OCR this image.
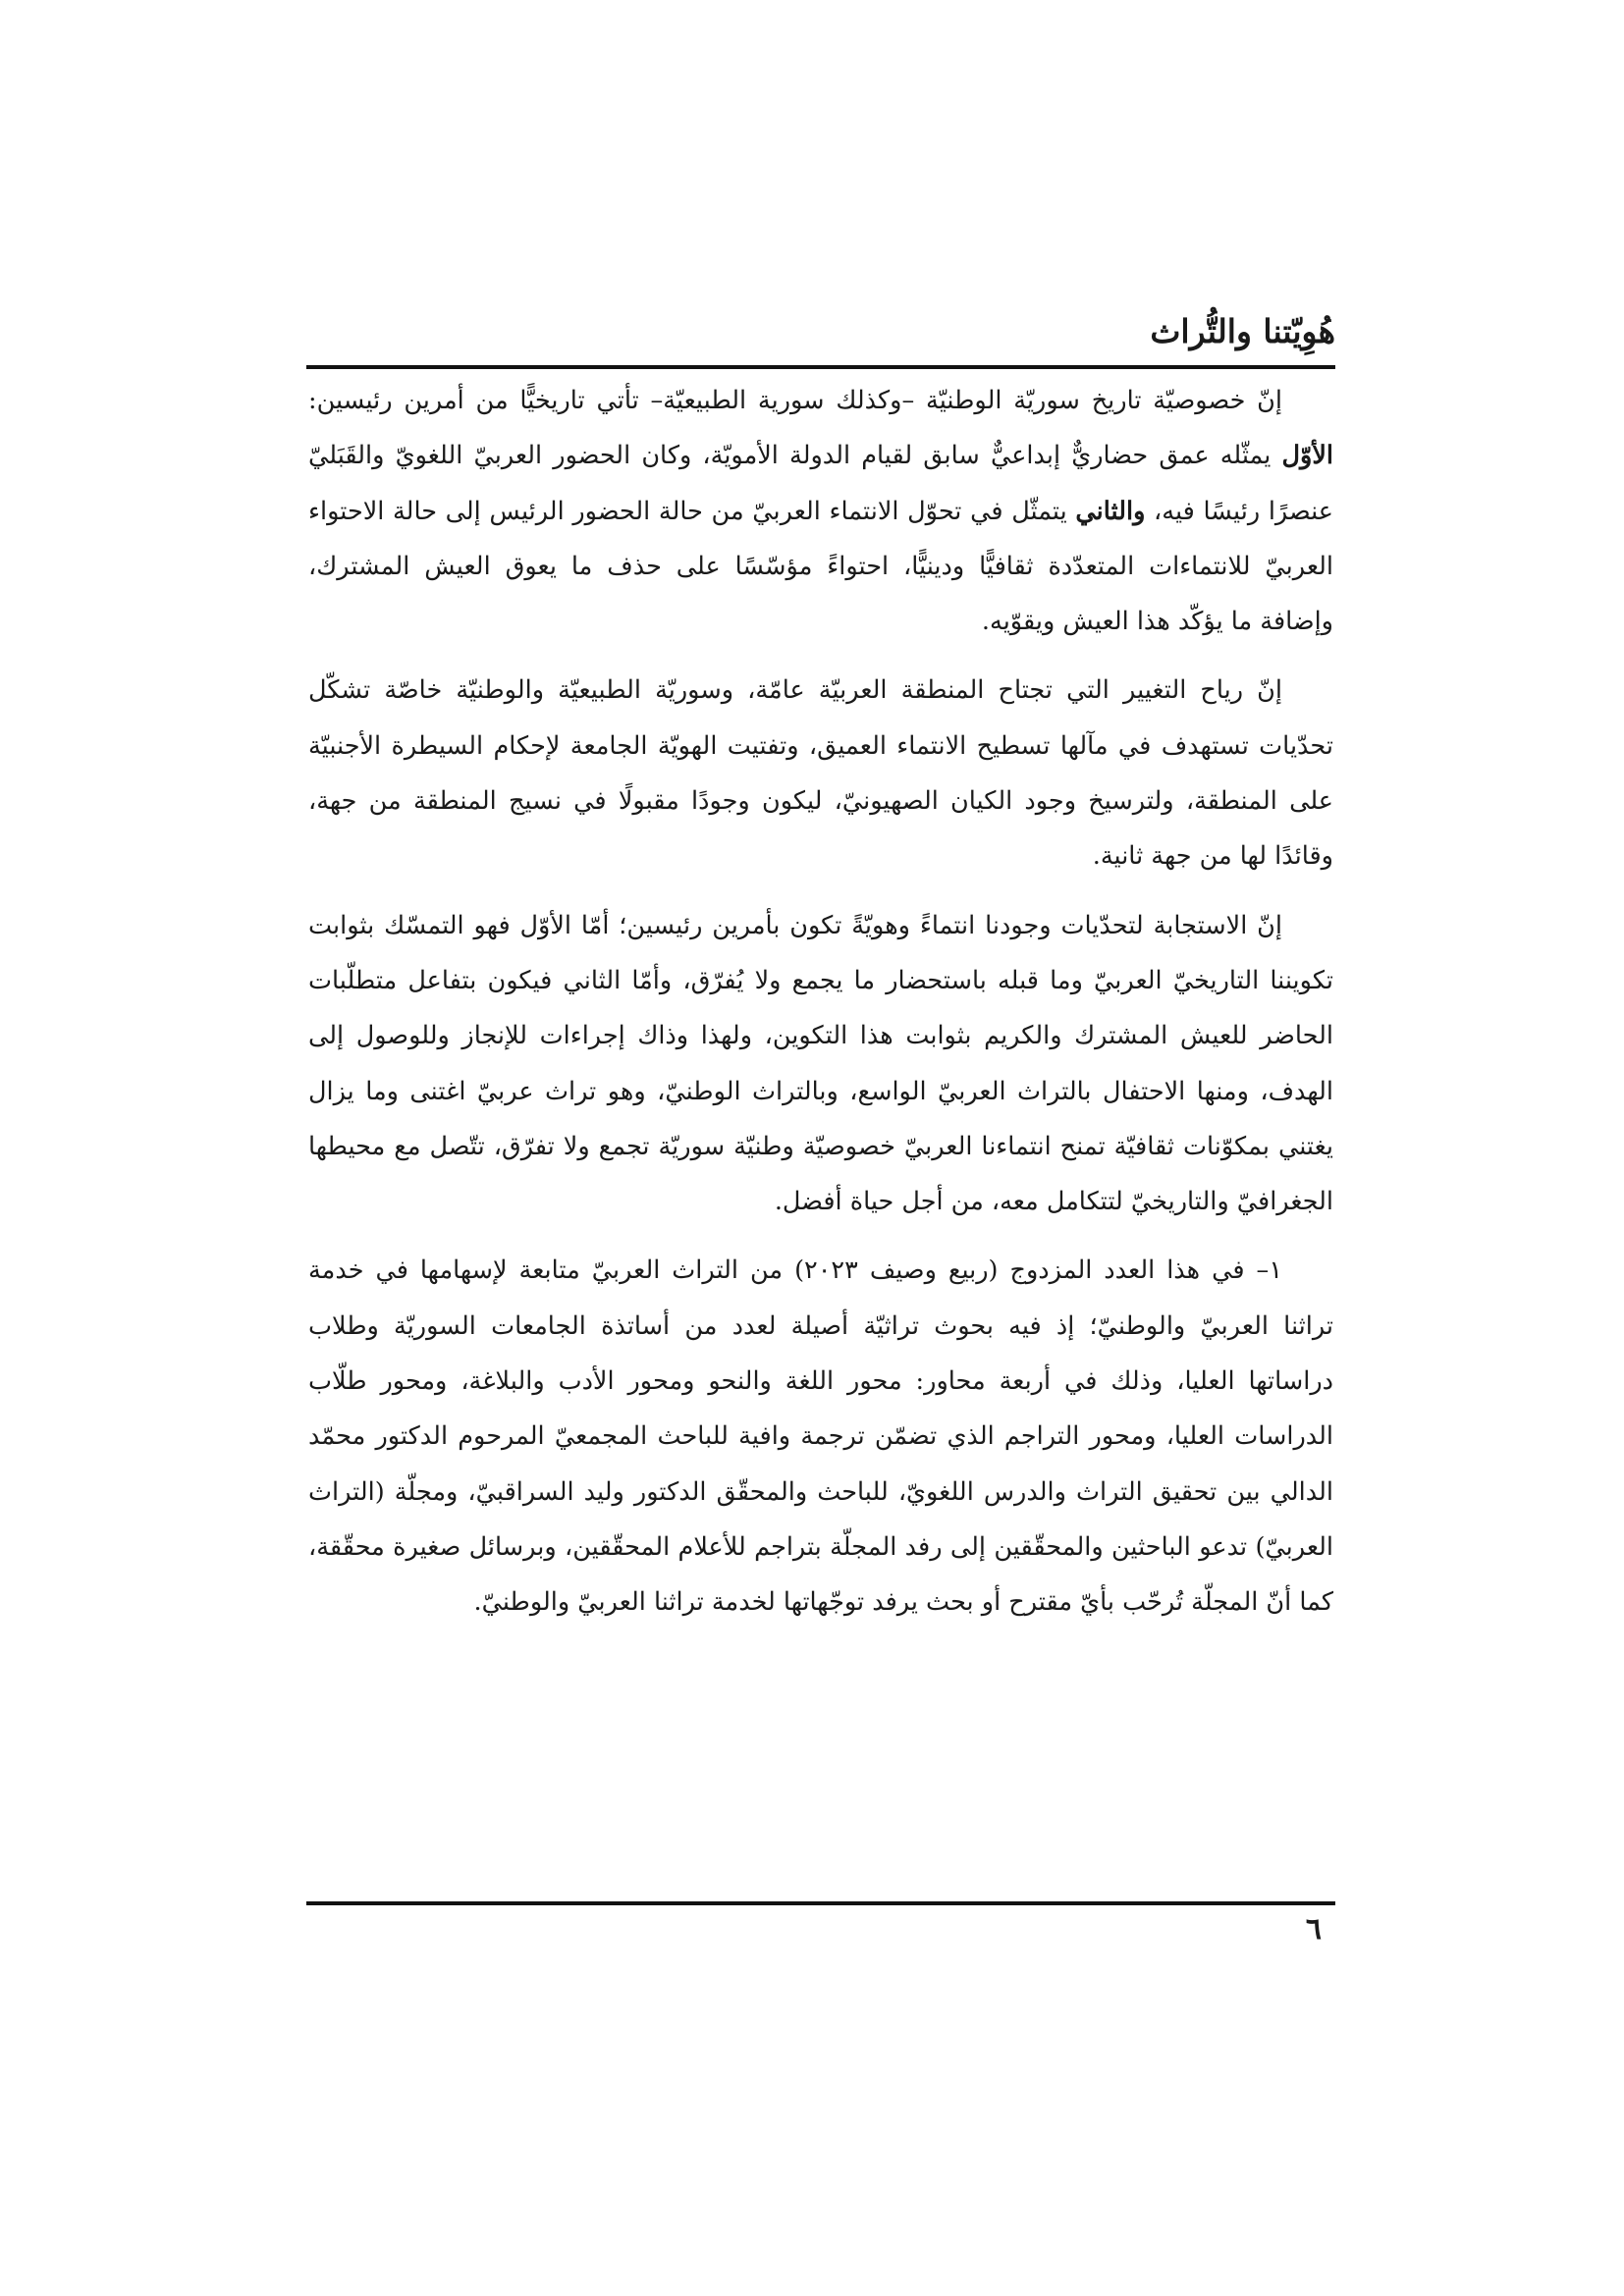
هُوِيّتنا والتُّراث

إنّ خصوصيّة تاريخ سوريّة الوطنيّة –وكذلك سورية الطبيعيّة– تأتي تاريخيًّا من أمرين رئيسين: الأوّل يمثّله عمق حضاريٌّ إبداعيٌّ سابق لقيام الدولة الأمويّة، وكان الحضور العربيّ اللغويّ والقَبَليّ عنصرًا رئيسًا فيه، والثاني يتمثّل في تحوّل الانتماء العربيّ من حالة الحضور الرئيس إلى حالة الاحتواء العربيّ للانتماءات المتعدّدة ثقافيًّا ودينيًّا، احتواءً مؤسّسًا على حذف ما يعوق العيش المشترك، وإضافة ما يؤكّد هذا العيش ويقوّيه.

إنّ رياح التغيير التي تجتاح المنطقة العربيّة عامّة، وسوريّة الطبيعيّة والوطنيّة خاصّة تشكّل تحدّيات تستهدف في مآلها تسطيح الانتماء العميق، وتفتيت الهويّة الجامعة لإحكام السيطرة الأجنبيّة على المنطقة، ولترسيخ وجود الكيان الصهيونيّ، ليكون وجودًا مقبولًا في نسيج المنطقة من جهة، وقائدًا لها من جهة ثانية.

إنّ الاستجابة لتحدّيات وجودنا انتماءً وهويّةً تكون بأمرين رئيسين؛ أمّا الأوّل فهو التمسّك بثوابت تكويننا التاريخيّ العربيّ وما قبله باستحضار ما يجمع ولا يُفرّق، وأمّا الثاني فيكون بتفاعل متطلّبات الحاضر للعيش المشترك والكريم بثوابت هذا التكوين، ولهذا وذاك إجراءات للإنجاز وللوصول إلى الهدف، ومنها الاحتفال بالتراث العربيّ الواسع، وبالتراث الوطنيّ، وهو تراث عربيّ اغتنى وما يزال يغتني بمكوّنات ثقافيّة تمنح انتماءنا العربيّ خصوصيّة وطنيّة سوريّة تجمع ولا تفرّق، تتّصل مع محيطها الجغرافيّ والتاريخيّ لتتكامل معه، من أجل حياة أفضل.

١– في هذا العدد المزدوج (ربيع وصيف ٢٠٢٣) من التراث العربيّ متابعة لإسهامها في خدمة تراثنا العربيّ والوطنيّ؛ إذ فيه بحوث تراثيّة أصيلة لعدد من أساتذة الجامعات السوريّة وطلاب دراساتها العليا، وذلك في أربعة محاور: محور اللغة والنحو ومحور الأدب والبلاغة، ومحور طلّاب الدراسات العليا، ومحور التراجم الذي تضمّن ترجمة وافية للباحث المجمعيّ المرحوم الدكتور محمّد الدالي بين تحقيق التراث والدرس اللغويّ، للباحث والمحقّق الدكتور وليد السراقبيّ، ومجلّة (التراث العربيّ) تدعو الباحثين والمحقّقين إلى رفد المجلّة بتراجم للأعلام المحقّقين، وبرسائل صغيرة محقّقة، كما أنّ المجلّة تُرحّب بأيّ مقترح أو بحث يرفد توجّهاتها لخدمة تراثنا العربيّ والوطنيّ.

٦
